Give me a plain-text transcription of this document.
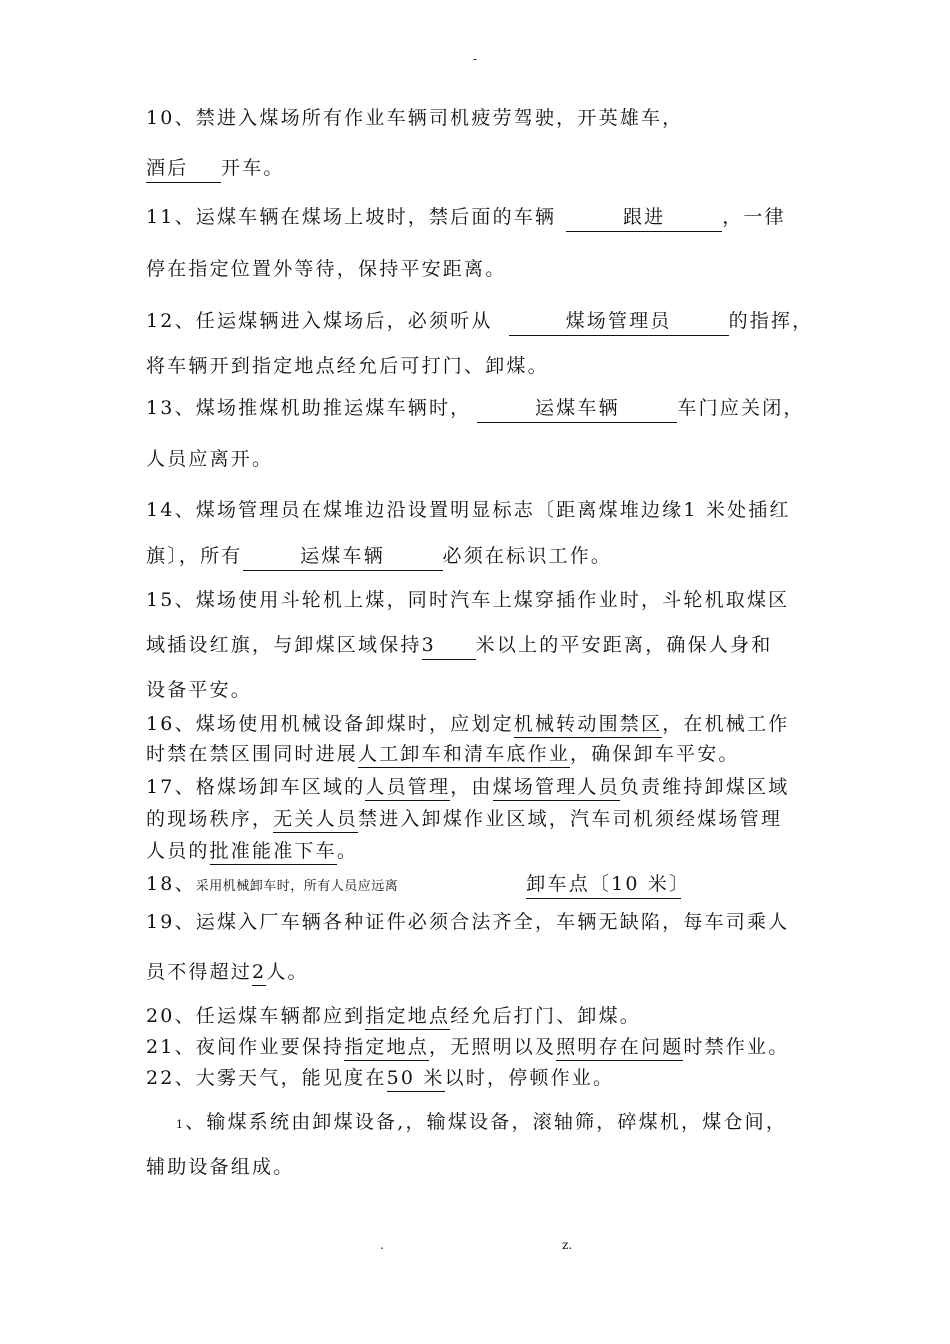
-
10、禁进入煤场所有作业车辆司机疲劳驾驶，开英雄车，
酒后 开车。
11、运煤车辆在煤场上坡时，禁后面的车辆	跟进	，一律
停在指定位置外等待，保持平安距离。
12、任运煤辆进入煤场后，必须听从	煤场管理员	的指挥，
将车辆开到指定地点经允后可打门、卸煤。
13、煤场推煤机助推运煤车辆时，	运煤车辆	车门应关闭，
人员应离开。
14、煤场管理员在煤堆边沿设置明显标志〔距离煤堆边缘1 米处插红
旗〕，所有	运煤车辆	必须在标识工作。
15、煤场使用斗轮机上煤，同时汽车上煤穿插作业时，斗轮机取煤区
域插设红旗，与卸煤区域保持3 米以上的平安距离，确保人身和
设备平安。
16、煤场使用机械设备卸煤时，应划定机械转动围禁区，在机械工作
时禁在禁区围同时进展人工卸车和清车底作业，确保卸车平安。
17、格煤场卸车区域的人员管理，由煤场管理人员负责维持卸煤区域
的现场秩序，无关人员禁进入卸煤作业区域，汽车司机须经煤场管理
人员的批准能准下车。
18、采用机械卸车时，所有人员应远离	卸车点〔10 米〕
19、运煤入厂车辆各种证件必须合法齐全，车辆无缺陷，每车司乘人
员不得超过2人。
20、任运煤车辆都应到指定地点经允后打门、卸煤。
21、夜间作业要保持指定地点，无照明以及照明存在问题时禁作业。
22、大雾天气，能见度在50 米以时，停顿作业。
1、输煤系统由卸煤设备,，输煤设备，滚轴筛，碎煤机，煤仓间，
辅助设备组成。
.	z.
